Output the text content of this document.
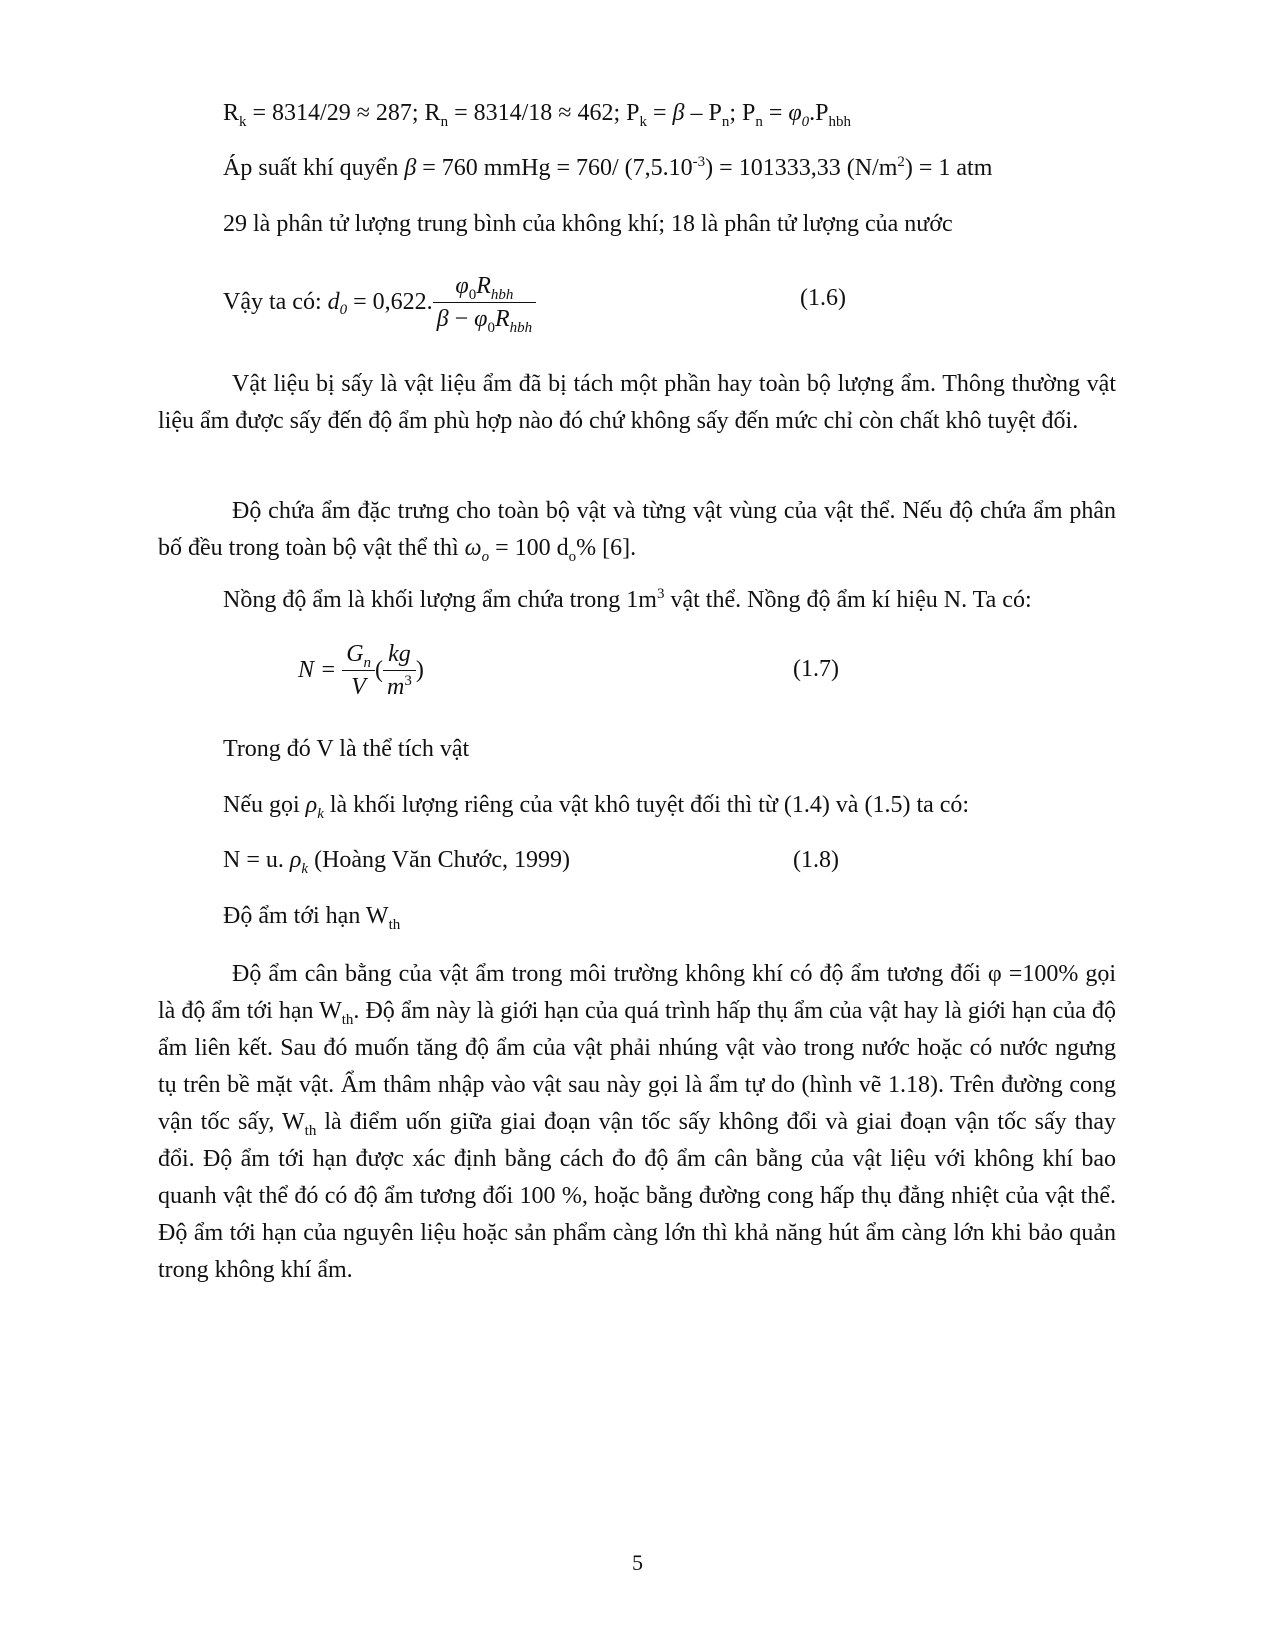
$R_k = 8314/29 \approx 287$; $R_n = 8314/18 \approx 462$; $P_k = \beta - P_n$; $P_n = \varphi_0.P_{hbh}$
Áp suất khí quyển β = 760 mmHg = 760/ $(7,5.10^{-3}) = 101333,33$ $(N/m^2) = 1$ atm
29 là phân tử lượng trung bình của không khí; 18 là phân tử lượng của nước
Vậy ta có: $d_0 = 0,622$. $\frac{\varphi_0R_{hbh}}{\beta - \varphi_0R_{hbh}}$	(1.6)
Vật liệu bị sấy là vật liệu ẩm đã bị tách một phần hay toàn bộ lượng ẩm. Thông thường vật liệu ẩm được sấy đến độ ẩm phù hợp nào đó chứ không sấy đến mức chỉ còn chất khô tuyệt đối.
Độ chứa ẩm đặc trưng cho toàn bộ vật và từng vật vùng của vật thể. Nếu độ chứa ẩm phân bố đều trong toàn bộ vật thể thì $\omega_o = 100$ $d_o\%$ [6].
Nồng độ ẩm là khối lượng ẩm chứa trong $1m^3$ vật thể. Nồng độ ẩm kí hiệu N. Ta có:
$N = \frac{G_n}{V}$ ( $\frac{kg}{m^3}$ )	(1.7)
Trong đó V là thể tích vật
Nếu gọi $\rho_k$ là khối lượng riêng của vật khô tuyệt đối thì từ (1.4) và (1.5) ta có:
N = u. $\rho_k$ (Hoàng Văn Chước, 1999)	(1.8)
Độ ẩm tới hạn $W_{th}$
Độ ẩm cân bằng của vật ẩm trong môi trường không khí có độ ẩm tương đối φ =100% gọi là độ ẩm tới hạn $W_{th}$. Độ ẩm này là giới hạn của quá trình hấp thụ ẩm của vật hay là giới hạn của độ ẩm liên kết. Sau đó muốn tăng độ ẩm của vật phải nhúng vật vào trong nước hoặc có nước ngưng tụ trên bề mặt vật. Ẩm thâm nhập vào vật sau này gọi là ẩm tự do (hình vẽ 1.18). Trên đường cong vận tốc sấy, $W_{th}$ là điểm uốn giữa giai đoạn vận tốc sấy không đổi và giai đoạn vận tốc sấy thay đổi. Độ ẩm tới hạn được xác định bằng cách đo độ ẩm cân bằng của vật liệu với không khí bao quanh vật thể đó có độ ẩm tương đối 100 %, hoặc bằng đường cong hấp thụ đẳng nhiệt của vật thể. Độ ẩm tới hạn của nguyên liệu hoặc sản phẩm càng lớn thì khả năng hút ẩm càng lớn khi bảo quản trong không khí ẩm.
5
